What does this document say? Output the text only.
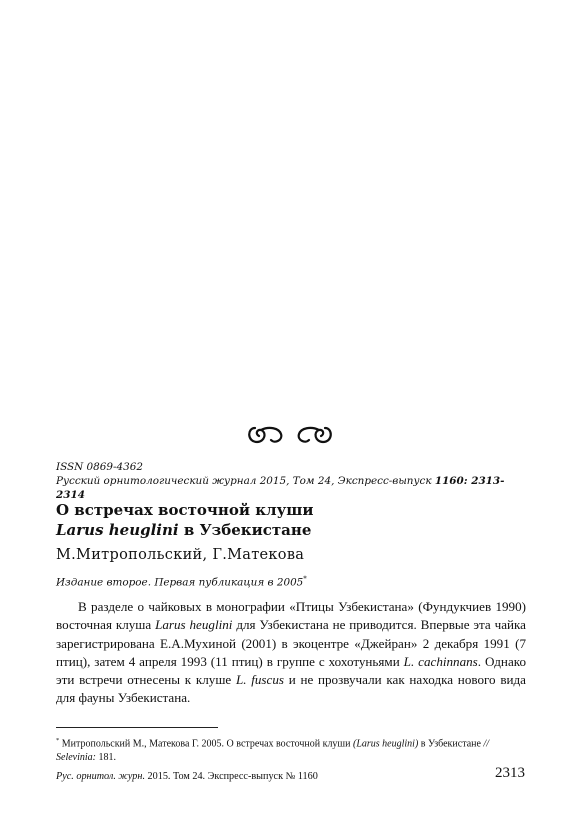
ISSN 0869-4362
Русский орнитологический журнал 2015, Том 24, Экспресс-выпуск 1160: 2313-2314
О встречах восточной клуши
Larus heuglini в Узбекистане
М.Митропольский, Г.Матекова
Издание второе. Первая публикация в 2005*
В разделе о чайковых в монографии «Птицы Узбекистана» (Фундукчиев 1990) восточная клуша Larus heuglini для Узбекистана не приводится. Впервые эта чайка зарегистрирована Е.А.Мухиной (2001) в экоцентре «Джейран» 2 декабря 1991 (7 птиц), затем 4 апреля 1993 (11 птиц) в группе с хохотуньями L. cachinnans. Однако эти встречи отнесены к клуше L. fuscus и не прозвучали как находка нового вида для фауны Узбекистана.
* Митропольский М., Матекова Г. 2005. О встречах восточной клуши (Larus heuglini) в Узбекистане // Selevinia: 181.
Рус. орнитол. журн. 2015. Том 24. Экспресс-выпуск № 1160	2313
